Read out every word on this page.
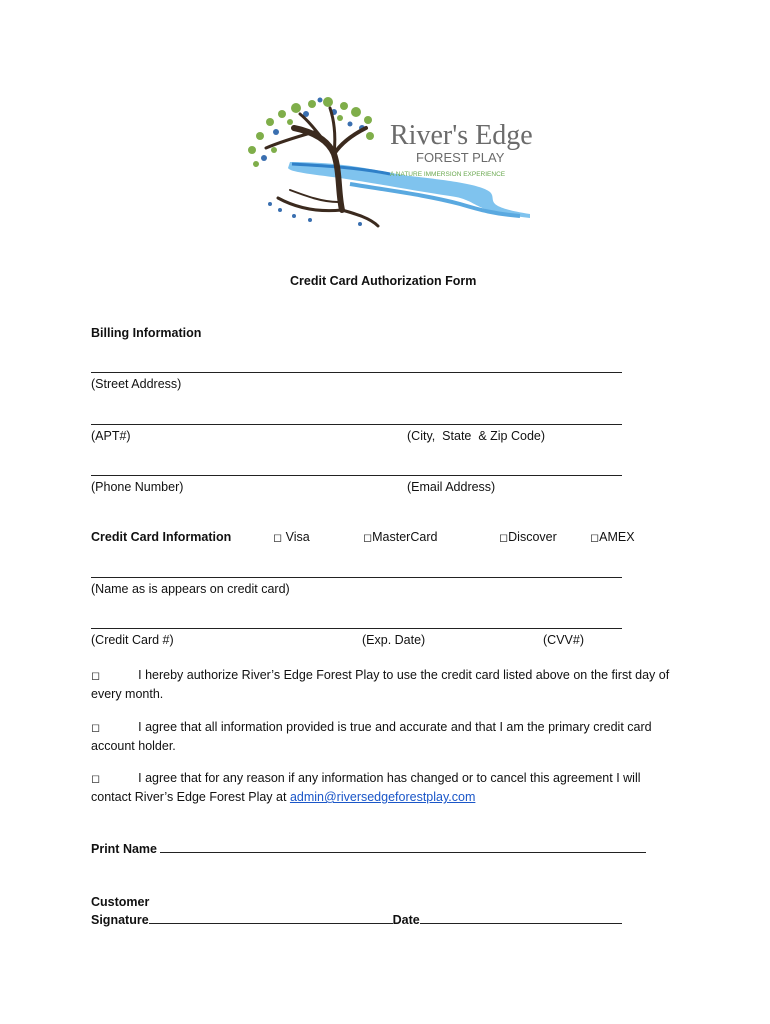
River's Edge
FOREST PLAY
A NATURE IMMERSION EXPERIENCE
Credit Card Authorization Form
Billing Information
(Street Address)
(APT#)	(City,  State  & Zip Code)
(Phone Number)	(Email Address)
Credit Card Information	◻ Visa	◻MasterCard	◻Discover	◻AMEX
(Name as is appears on credit card)
(Credit Card #)	(Exp. Date)	(CVV#)
◻	I hereby authorize River’s Edge Forest Play to use the credit card listed above on the first day of
every month.
◻	I agree that all information provided is true and accurate and that I am the primary credit card
account holder.
◻	I agree that for any reason if any information has changed or to cancel this agreement I will
contact River’s Edge Forest Play at admin@riversedgeforestplay.com
Print Name
Customer
Signature	Date
